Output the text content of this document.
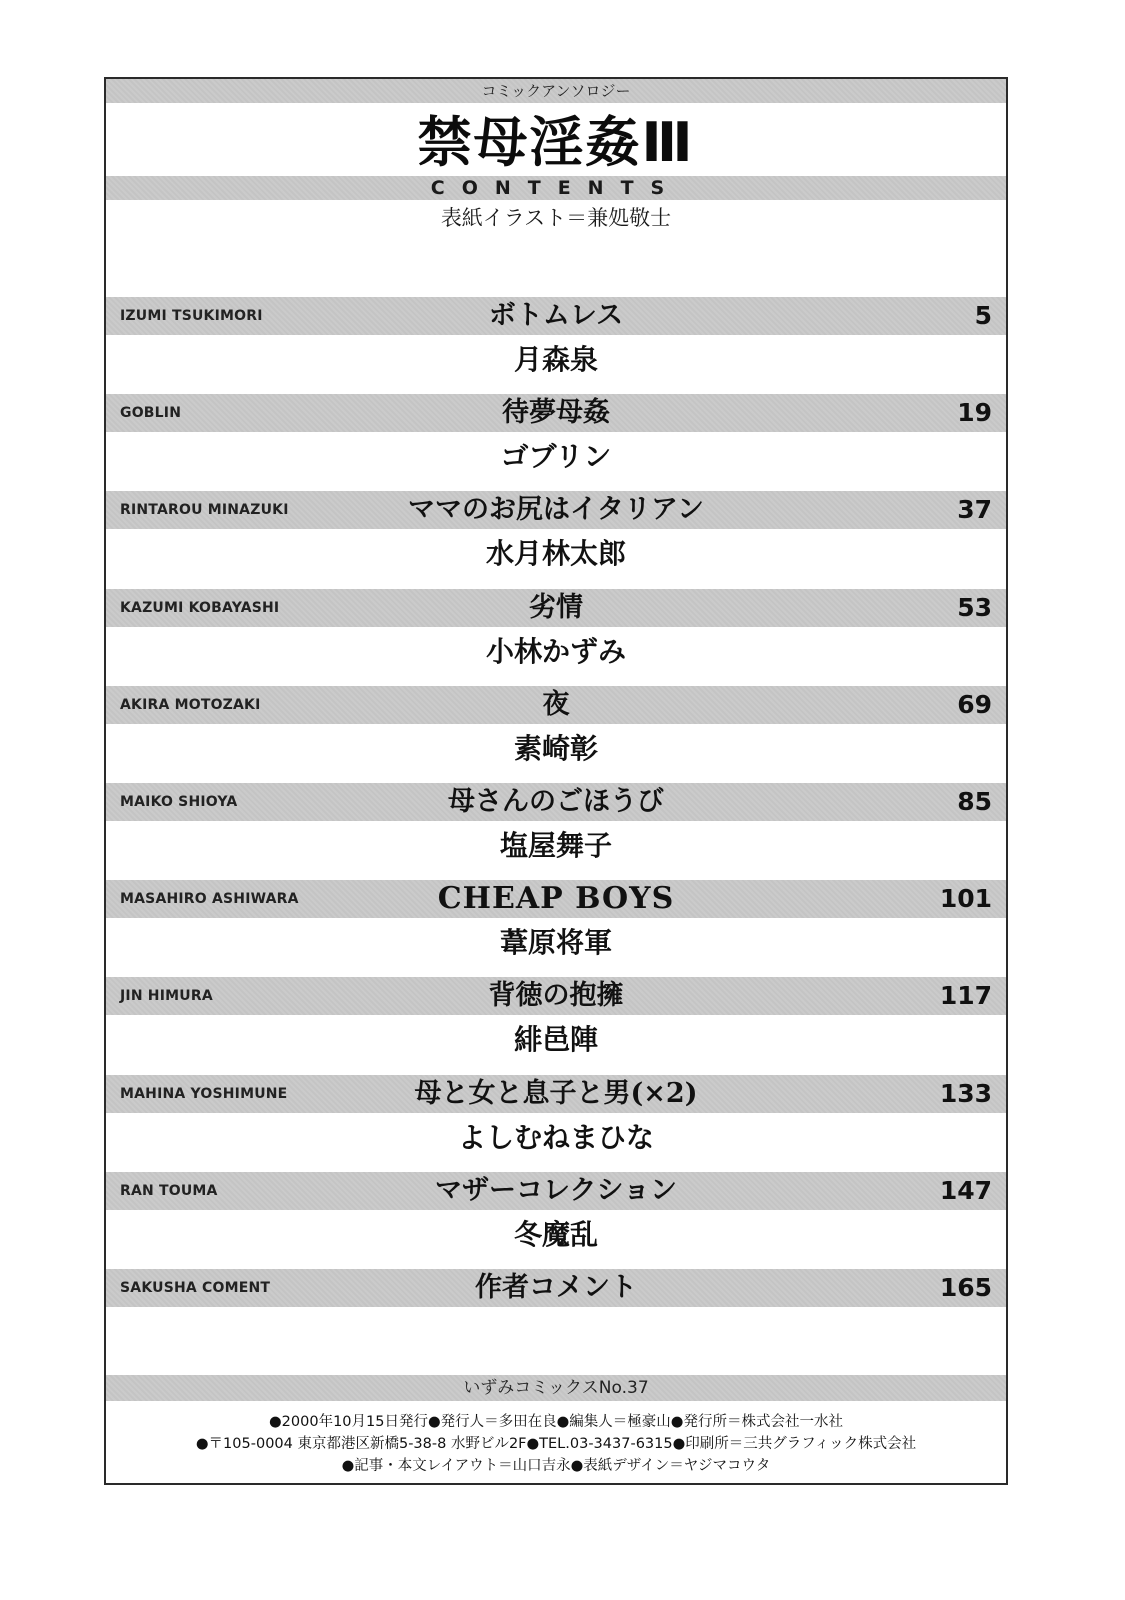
コミックアンソロジー
禁母淫姦Ⅲ
CONTENTS
表紙イラスト＝兼処敬士
IZUMI TSUKIMORI	ボトムレス	5
月森泉
GOBLIN	待夢母姦	19
ゴブリン
RINTAROU MINAZUKI	ママのお尻はイタリアン	37
水月林太郎
KAZUMI KOBAYASHI	劣情	53
小林かずみ
AKIRA MOTOZAKI	夜	69
素崎彰
MAIKO SHIOYA	母さんのごほうび	85
塩屋舞子
MASAHIRO ASHIWARA	CHEAP BOYS	101
葦原将軍
JIN HIMURA	背徳の抱擁	117
緋邑陣
MAHINA YOSHIMUNE	母と女と息子と男(×2)	133
よしむねまひな
RAN TOUMA	マザーコレクション	147
冬魔乱
SAKUSHA COMENT	作者コメント	165
いずみコミックスNo.37
●2000年10月15日発行●発行人＝多田在良●編集人＝極豪山●発行所＝株式会社一水社
●〒105-0004 東京都港区新橋5-38-8 水野ビル2F●TEL.03-3437-6315●印刷所＝三共グラフィック株式会社
●記事・本文レイアウト＝山口吉永●表紙デザイン＝ヤジマコウタ
